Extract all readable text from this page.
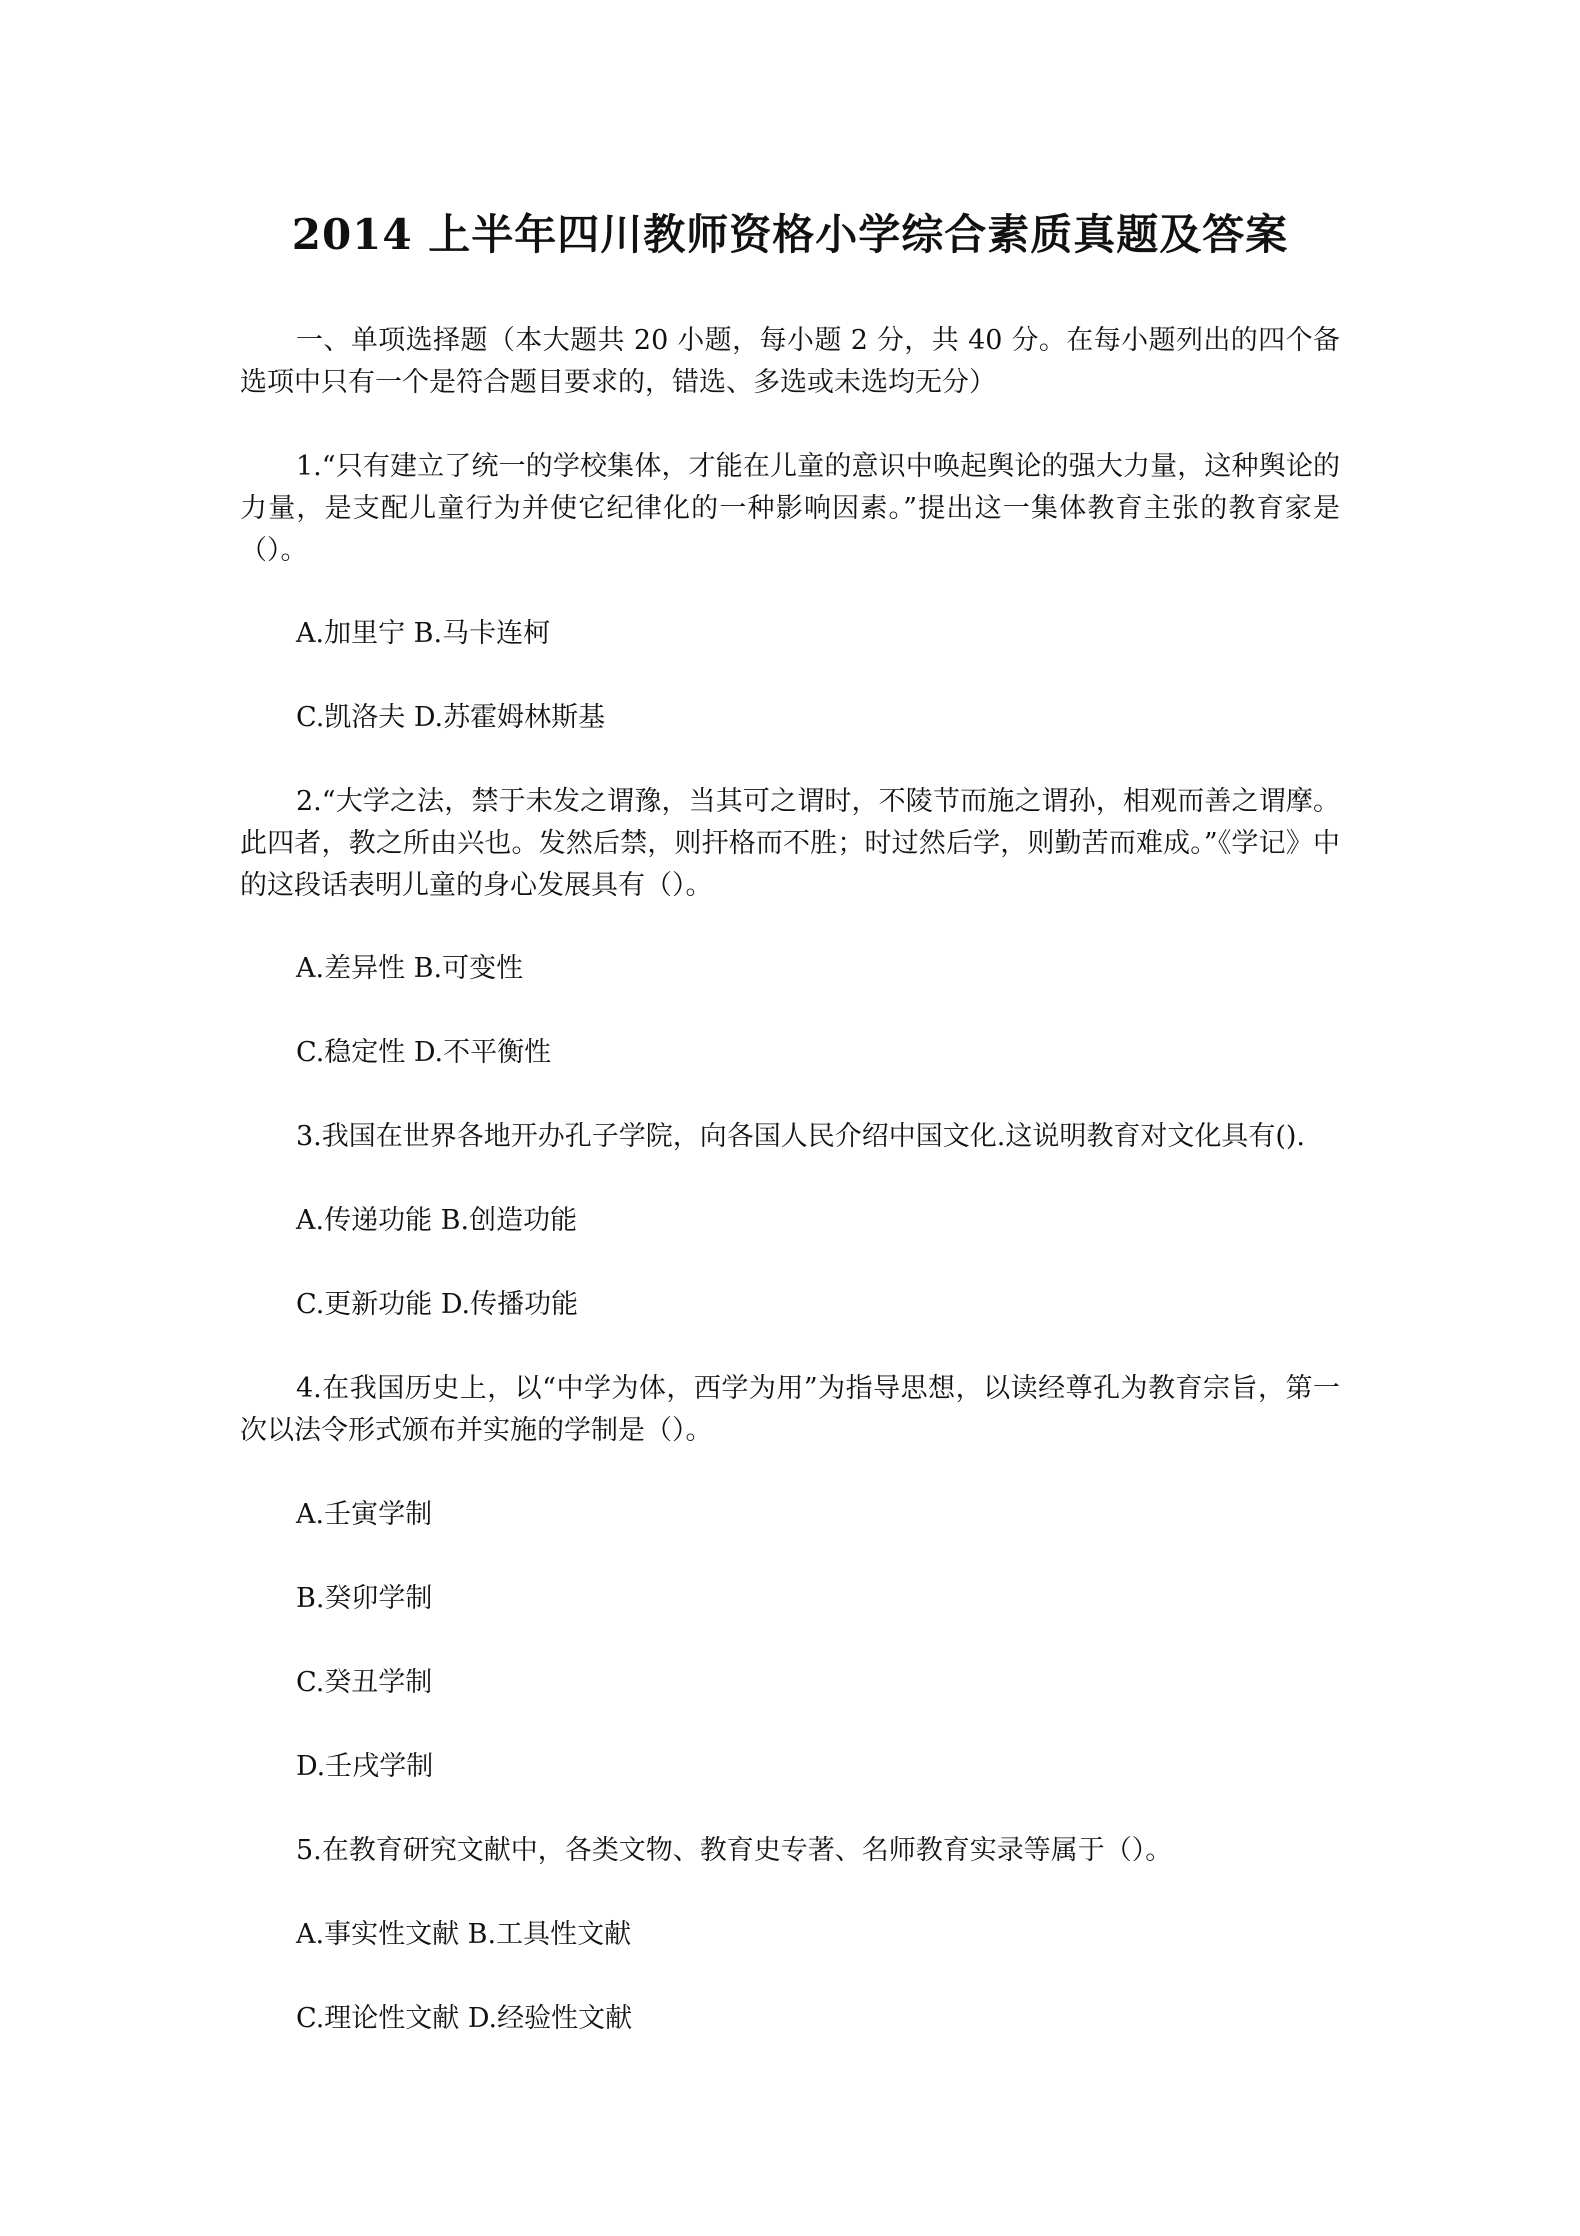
2014 上半年四川教师资格小学综合素质真题及答案

一、单项选择题（本大题共 20 小题，每小题 2 分，共 40 分。在每小题列出的四个备选项中只有一个是符合题目要求的，错选、多选或未选均无分）

1.“只有建立了统一的学校集体，才能在儿童的意识中唤起舆论的强大力量，这种舆论的力量，是支配儿童行为并使它纪律化的一种影响因素。”提出这一集体教育主张的教育家是（）。

A.加里宁 B.马卡连柯

C.凯洛夫 D.苏霍姆林斯基

2.“大学之法，禁于未发之谓豫，当其可之谓时，不陵节而施之谓孙，相观而善之谓摩。此四者，教之所由兴也。发然后禁，则扞格而不胜；时过然后学，则勤苦而难成。”《学记》中的这段话表明儿童的身心发展具有（）。

A.差异性 B.可变性

C.稳定性 D.不平衡性

3.我国在世界各地开办孔子学院，向各国人民介绍中国文化.这说明教育对文化具有().

A.传递功能 B.创造功能

C.更新功能 D.传播功能

4.在我国历史上，以“中学为体，西学为用”为指导思想，以读经尊孔为教育宗旨，第一次以法令形式颁布并实施的学制是（）。

A.壬寅学制

B.癸卯学制

C.癸丑学制

D.壬戌学制

5.在教育研究文献中，各类文物、教育史专著、名师教育实录等属于（）。

A.事实性文献 B.工具性文献

C.理论性文献 D.经验性文献
